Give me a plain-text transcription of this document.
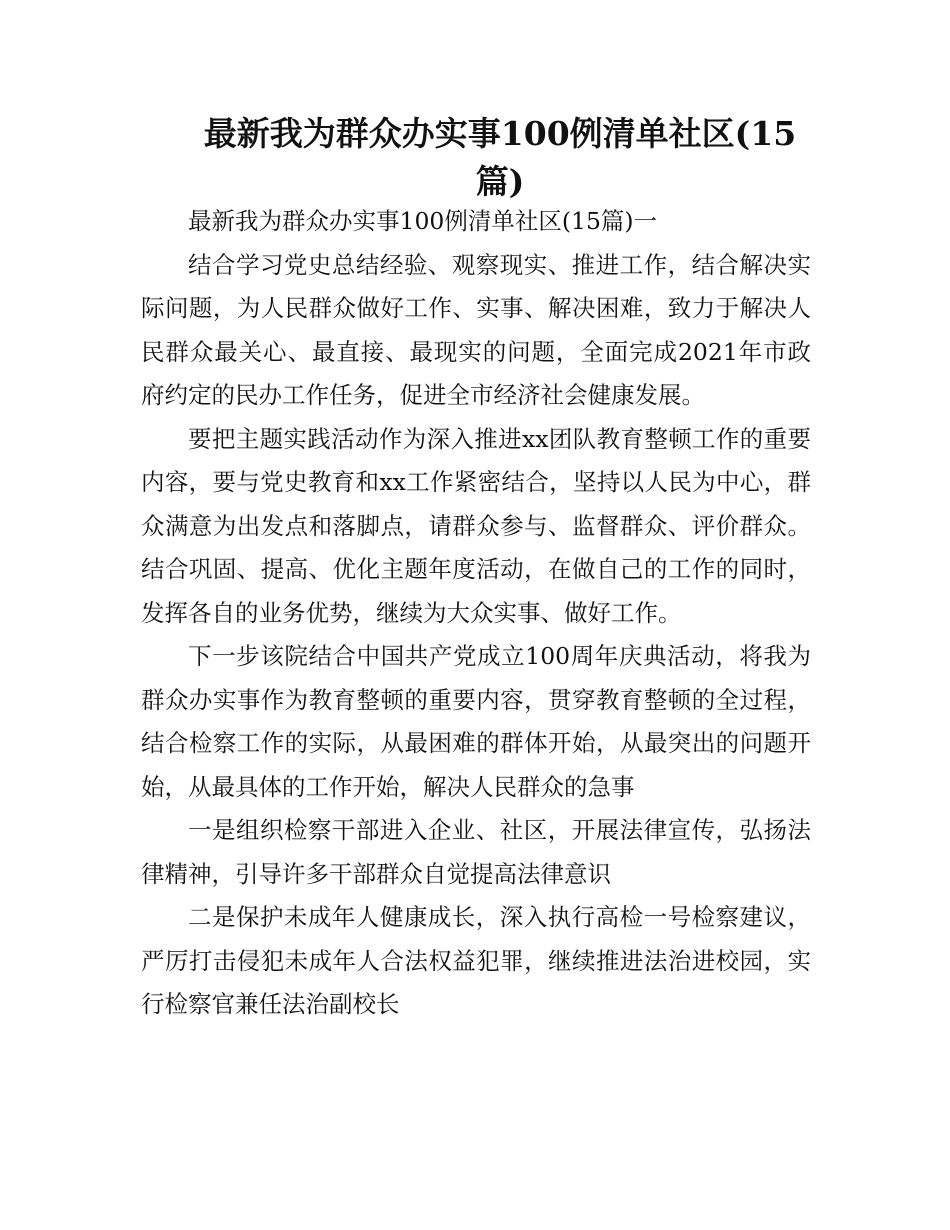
最新我为群众办实事100例清单社区(15
篇)

最新我为群众办实事100例清单社区(15篇)一

结合学习党史总结经验、观察现实、推进工作，结合解决实际问题，为人民群众做好工作、实事、解决困难，致力于解决人民群众最关心、最直接、最现实的问题，全面完成2021年市政府约定的民办工作任务，促进全市经济社会健康发展。

要把主题实践活动作为深入推进xx团队教育整顿工作的重要内容，要与党史教育和xx工作紧密结合，坚持以人民为中心，群众满意为出发点和落脚点，请群众参与、监督群众、评价群众。结合巩固、提高、优化主题年度活动，在做自己的工作的同时，发挥各自的业务优势，继续为大众实事、做好工作。

下一步该院结合中国共产党成立100周年庆典活动，将我为群众办实事作为教育整顿的重要内容，贯穿教育整顿的全过程，结合检察工作的实际，从最困难的群体开始，从最突出的问题开始，从最具体的工作开始，解决人民群众的急事

一是组织检察干部进入企业、社区，开展法律宣传，弘扬法律精神，引导许多干部群众自觉提高法律意识

二是保护未成年人健康成长，深入执行高检一号检察建议，严厉打击侵犯未成年人合法权益犯罪，继续推进法治进校园，实行检察官兼任法治副校长
